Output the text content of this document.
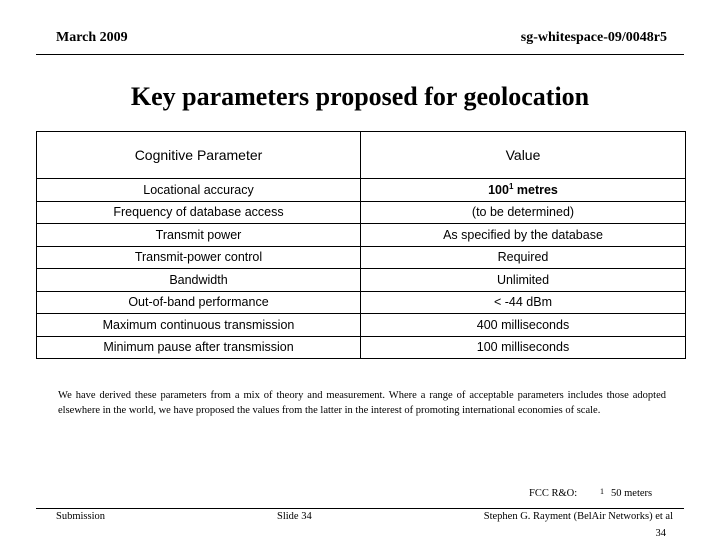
March 2009	sg-whitespace-09/0048r5
Key parameters proposed for geolocation
Cognitive Parameter	Value
Locational accuracy	$100^1$ metres
Frequency of database access	(to be determined)
Transmit power	As specified by the database
Transmit-power control	Required
Bandwidth	Unlimited
Out-of-band performance	< -44 dBm
Maximum continuous transmission	400 milliseconds
Minimum pause after transmission	100 milliseconds
We have derived these parameters from a mix of theory and measurement. Where a range of acceptable parameters includes those adopted elsewhere in the world, we have proposed the values from the latter in the interest of promoting international economies of scale.
FCC R&O:	1 50 meters
Submission	Slide 34	Stephen G. Rayment (BelAir Networks) et al
34
